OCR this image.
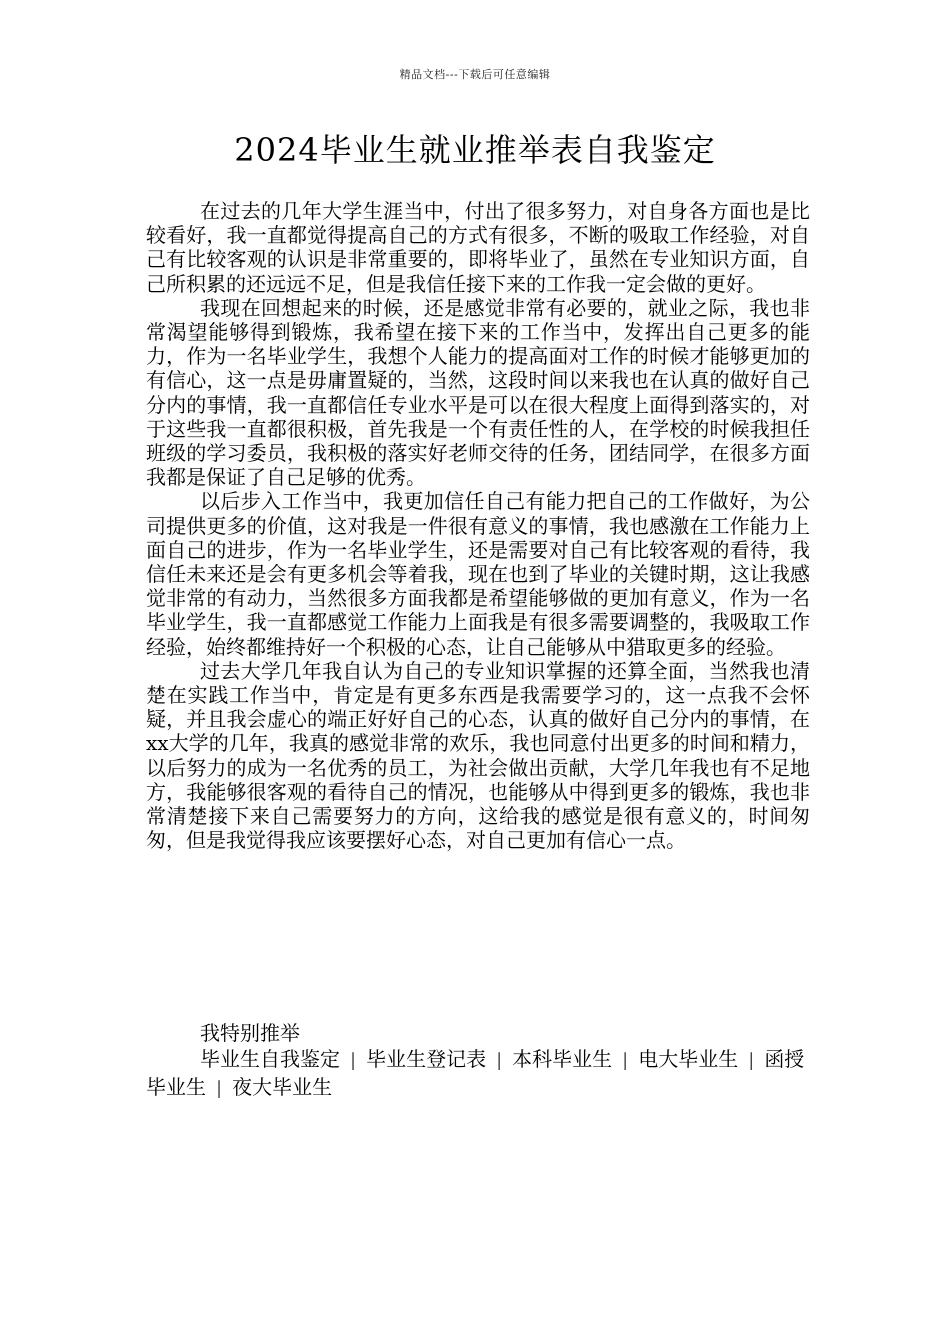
精品文档---下载后可任意编辑
2024毕业生就业推举表自我鉴定

在过去的几年大学生涯当中，付出了很多努力，对自身各方面也是比较看好，我一直都觉得提高自己的方式有很多，不断的吸取工作经验，对自己有比较客观的认识是非常重要的，即将毕业了，虽然在专业知识方面，自己所积累的还远远不足，但是我信任接下来的工作我一定会做的更好。

我现在回想起来的时候，还是感觉非常有必要的，就业之际，我也非常渴望能够得到锻炼，我希望在接下来的工作当中，发挥出自己更多的能力，作为一名毕业学生，我想个人能力的提高面对工作的时候才能够更加的有信心，这一点是毋庸置疑的，当然，这段时间以来我也在认真的做好自己分内的事情，我一直都信任专业水平是可以在很大程度上面得到落实的，对于这些我一直都很积极，首先我是一个有责任性的人，在学校的时候我担任班级的学习委员，我积极的落实好老师交待的任务，团结同学，在很多方面我都是保证了自己足够的优秀。

以后步入工作当中，我更加信任自己有能力把自己的工作做好，为公司提供更多的价值，这对我是一件很有意义的事情，我也感激在工作能力上面自己的进步，作为一名毕业学生，还是需要对自己有比较客观的看待，我信任未来还是会有更多机会等着我，现在也到了毕业的关键时期，这让我感觉非常的有动力，当然很多方面我都是希望能够做的更加有意义，作为一名毕业学生，我一直都感觉工作能力上面我是有很多需要调整的，我吸取工作经验，始终都维持好一个积极的心态，让自己能够从中猎取更多的经验。

过去大学几年我自认为自己的专业知识掌握的还算全面，当然我也清楚在实践工作当中，肯定是有更多东西是我需要学习的，这一点我不会怀疑，并且我会虚心的端正好好自己的心态，认真的做好自己分内的事情，在xx大学的几年，我真的感觉非常的欢乐，我也同意付出更多的时间和精力，以后努力的成为一名优秀的员工，为社会做出贡献，大学几年我也有不足地方，我能够很客观的看待自己的情况，也能够从中得到更多的锻炼，我也非常清楚接下来自己需要努力的方向，这给我的感觉是很有意义的，时间匆匆，但是我觉得我应该要摆好心态，对自己更加有信心一点。

我特别推举

毕业生自我鉴定 | 毕业生登记表 | 本科毕业生 | 电大毕业生 | 函授毕业生 | 夜大毕业生
